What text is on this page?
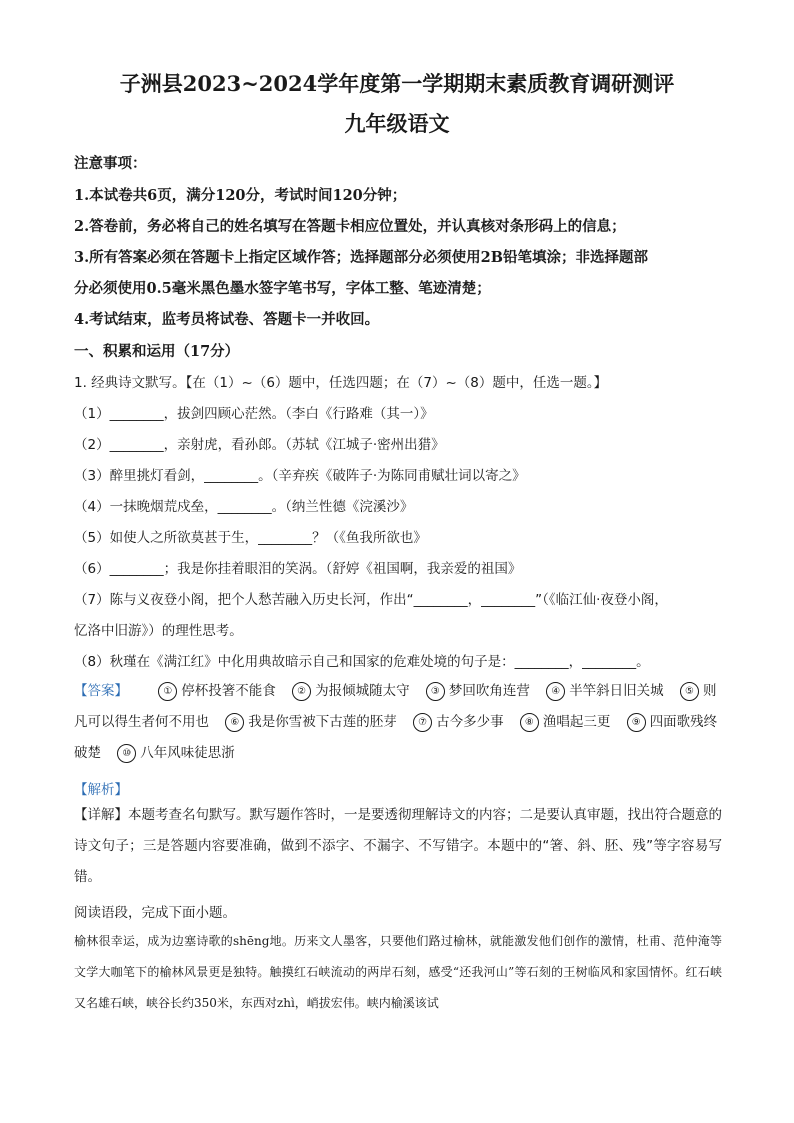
子洲县2023~2024学年度第一学期期末素质教育调研测评
九年级语文
注意事项：
1.本试卷共6页，满分120分，考试时间120分钟；
2.答卷前，务必将自己的姓名填写在答题卡相应位置处，并认真核对条形码上的信息；
3.所有答案必须在答题卡上指定区域作答；选择题部分必须使用2B铅笔填涂；非选择题部
分必须使用0.5毫米黑色墨水签字笔书写，字体工整、笔迹清楚；
4.考试结束，监考员将试卷、答题卡一并收回。
一、积累和运用（17分）
1. 经典诗文默写。【在（1）~（6）题中，任选四题；在（7）~（8）题中，任选一题。】
（1）________，拔剑四顾心茫然。（李白《行路难（其一）》
（2）________，亲射虎，看孙郎。（苏轼《江城子·密州出猎》
（3）醉里挑灯看剑，________。（辛弃疾《破阵子·为陈同甫赋壮词以寄之》
（4）一抹晚烟荒戍垒，________。（纳兰性德《浣溪沙》
（5）如使人之所欲莫甚于生，________？（《鱼我所欲也》
（6）________；我是你挂着眼泪的笑涡。（舒婷《祖国啊，我亲爱的祖国》
（7）陈与义夜登小阁，把个人愁苦融入历史长河，作出“________，________”（《临江仙·夜登小阁，
忆洛中旧游》）的理性思考。
（8）秋瑾在《满江红》中化用典故暗示自己和国家的危难处境的句子是：________，________。
【答案】	① 停杯投箸不能食 ② 为报倾城随太守 ③ 梦回吹角连营 ④ 半竿斜日旧关城 ⑤ 则凡可以得生者何不用也 ⑥ 我是你雪被下古莲的胚芽 ⑦ 古今多少事 ⑧ 渔唱起三更 ⑨ 四面歌残终破楚 ⑩ 八年风味徒思浙
【解析】
【详解】本题考查名句默写。默写题作答时，一是要透彻理解诗文的内容；二是要认真审题，找出符合题意的诗文句子；三是答题内容要准确，做到不添字、不漏字、不写错字。本题中的“箸、斜、胚、残”等字容易写错。
阅读语段，完成下面小题。
榆林很幸运，成为边塞诗歌的shēng地。历来文人墨客，只要他们路过榆林，就能激发他们创作的激情，杜甫、范仲淹等文学大咖笔下的榆林风景更是独特。触摸红石峡流动的两岸石刻，感受“还我河山”等石刻的王树临风和家国情怀。红石峡又名雄石峡，峡谷长约350米，东西对zhì，峭拔宏伟。峡内榆溪该试
